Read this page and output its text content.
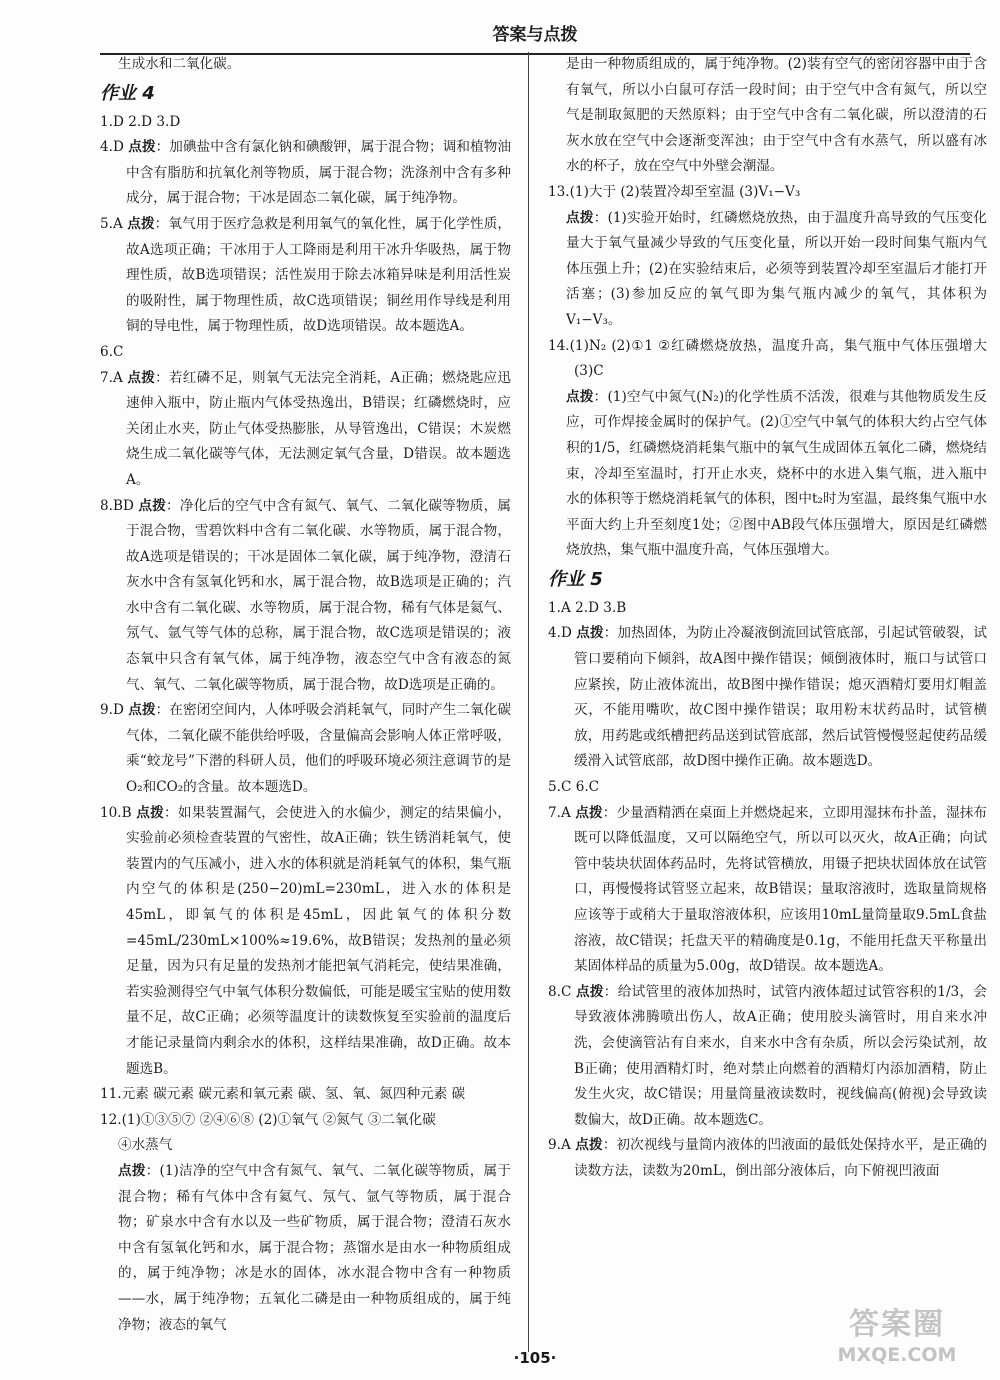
答案与点拨

生成水和二氧化碳。

作业 4

1.D 2.D 3.D

4.D 点拨：加碘盐中含有氯化钠和碘酸钾，属于混合物；调和植物油中含有脂肪和抗氧化剂等物质，属于混合物；洗涤剂中含有多种成分，属于混合物；干冰是固态二氧化碳，属于纯净物。

5.A 点拨：氧气用于医疗急救是利用氧气的氧化性，属于化学性质，故A选项正确；干冰用于人工降雨是利用干冰升华吸热，属于物理性质，故B选项错误；活性炭用于除去冰箱异味是利用活性炭的吸附性，属于物理性质，故C选项错误；铜丝用作导线是利用铜的导电性，属于物理性质，故D选项错误。故本题选A。

6.C

7.A 点拨：若红磷不足，则氧气无法完全消耗，A正确；燃烧匙应迅速伸入瓶中，防止瓶内气体受热逸出，B错误；红磷燃烧时，应关闭止水夹，防止气体受热膨胀，从导管逸出，C错误；木炭燃烧生成二氧化碳等气体，无法测定氧气含量，D错误。故本题选A。

8.BD 点拨：净化后的空气中含有氮气、氧气、二氧化碳等物质，属于混合物，雪碧饮料中含有二氧化碳、水等物质，属于混合物，故A选项是错误的；干冰是固体二氧化碳，属于纯净物，澄清石灰水中含有氢氧化钙和水，属于混合物，故B选项是正确的；汽水中含有二氧化碳、水等物质，属于混合物，稀有气体是氦气、氖气、氩气等气体的总称，属于混合物，故C选项是错误的；液态氧中只含有氧气体，属于纯净物，液态空气中含有液态的氮气、氧气、二氧化碳等物质，属于混合物，故D选项是正确的。

9.D 点拨：在密闭空间内，人体呼吸会消耗氧气，同时产生二氧化碳气体，二氧化碳不能供给呼吸，含量偏高会影响人体正常呼吸，乘“蛟龙号”下潜的科研人员，他们的呼吸环境必须注意调节的是O₂和CO₂的含量。故本题选D。

10.B 点拨：如果装置漏气，会使进入的水偏少，测定的结果偏小，实验前必须检查装置的气密性，故A正确；铁生锈消耗氧气，使装置内的气压减小，进入水的体积就是消耗氧气的体积，集气瓶内空气的体积是(250−20)mL=230mL，进入水的体积是45mL，即氧气的体积是45mL，因此氧气的体积分数=45mL/230mL×100%≈19.6%，故B错误；发热剂的量必须足量，因为只有足量的发热剂才能把氧气消耗完，使结果准确，若实验测得空气中氧气体积分数偏低，可能是暖宝宝贴的使用数量不足，故C正确；必须等温度计的读数恢复至实验前的温度后才能记录量筒内剩余水的体积，这样结果准确，故D正确。故本题选B。

11.元素 碳元素 碳元素和氧元素 碳、氢、氧、氮四种元素 碳

12.(1)①③⑤⑦ ②④⑥⑧ (2)①氧气 ②氮气 ③二氧化碳

④水蒸气

点拨：(1)洁净的空气中含有氮气、氧气、二氧化碳等物质，属于混合物；稀有气体中含有氦气、氖气、氩气等物质，属于混合物；矿泉水中含有水以及一些矿物质，属于混合物；澄清石灰水中含有氢氧化钙和水，属于混合物；蒸馏水是由水一种物质组成的，属于纯净物；冰是水的固体，冰水混合物中含有一种物质——水，属于纯净物；五氧化二磷是由一种物质组成的，属于纯净物；液态的氧气

是由一种物质组成的，属于纯净物。(2)装有空气的密闭容器中由于含有氧气，所以小白鼠可存活一段时间；由于空气中含有氮气，所以空气是制取氮肥的天然原料；由于空气中含有二氧化碳，所以澄清的石灰水放在空气中会逐渐变浑浊；由于空气中含有水蒸气，所以盛有冰水的杯子，放在空气中外壁会潮湿。

13.(1)大于 (2)装置冷却至室温 (3)V₁−V₃

点拨：(1)实验开始时，红磷燃烧放热，由于温度升高导致的气压变化量大于氧气量减少导致的气压变化量，所以开始一段时间集气瓶内气体压强上升；(2)在实验结束后，必须等到装置冷却至室温后才能打开活塞；(3)参加反应的氧气即为集气瓶内减少的氧气，其体积为V₁−V₃。

14.(1)N₂ (2)①1 ②红磷燃烧放热，温度升高，集气瓶中气体压强增大 (3)C

点拨：(1)空气中氮气(N₂)的化学性质不活泼，很难与其他物质发生反应，可作焊接金属时的保护气。(2)①空气中氧气的体积大约占空气体积的1/5，红磷燃烧消耗集气瓶中的氧气生成固体五氧化二磷，燃烧结束，冷却至室温时，打开止水夹，烧杯中的水进入集气瓶，进入瓶中水的体积等于燃烧消耗氧气的体积，图中t₂时为室温，最终集气瓶中水平面大约上升至刻度1处；②图中AB段气体压强增大，原因是红磷燃烧放热，集气瓶中温度升高，气体压强增大。

作业 5

1.A 2.D 3.B

4.D 点拨：加热固体，为防止冷凝液倒流回试管底部，引起试管破裂，试管口要稍向下倾斜，故A图中操作错误；倾倒液体时，瓶口与试管口应紧挨，防止液体流出，故B图中操作错误；熄灭酒精灯要用灯帽盖灭，不能用嘴吹，故C图中操作错误；取用粉末状药品时，试管横放，用药匙或纸槽把药品送到试管底部，然后试管慢慢竖起使药品缓缓滑入试管底部，故D图中操作正确。故本题选D。

5.C 6.C

7.A 点拨：少量酒精洒在桌面上并燃烧起来，立即用湿抹布扑盖，湿抹布既可以降低温度，又可以隔绝空气，所以可以灭火，故A正确；向试管中装块状固体药品时，先将试管横放，用镊子把块状固体放在试管口，再慢慢将试管竖立起来，故B错误；量取溶液时，选取量筒规格应该等于或稍大于量取溶液体积，应该用10mL量筒量取9.5mL食盐溶液，故C错误；托盘天平的精确度是0.1g，不能用托盘天平称量出某固体样品的质量为5.00g，故D错误。故本题选A。

8.C 点拨：给试管里的液体加热时，试管内液体超过试管容积的1/3，会导致液体沸腾喷出伤人，故A正确；使用胶头滴管时，用自来水冲洗，会使滴管沾有自来水，自来水中含有杂质，所以会污染试剂，故B正确；使用酒精灯时，绝对禁止向燃着的酒精灯内添加酒精，防止发生火灾，故C错误；用量筒量液读数时，视线偏高(俯视)会导致读数偏大，故D正确。故本题选C。

9.A 点拨：初次视线与量筒内液体的凹液面的最低处保持水平，是正确的读数方法，读数为20mL，倒出部分液体后，向下俯视凹液面

·105·
答案圈
MXQE.COM
